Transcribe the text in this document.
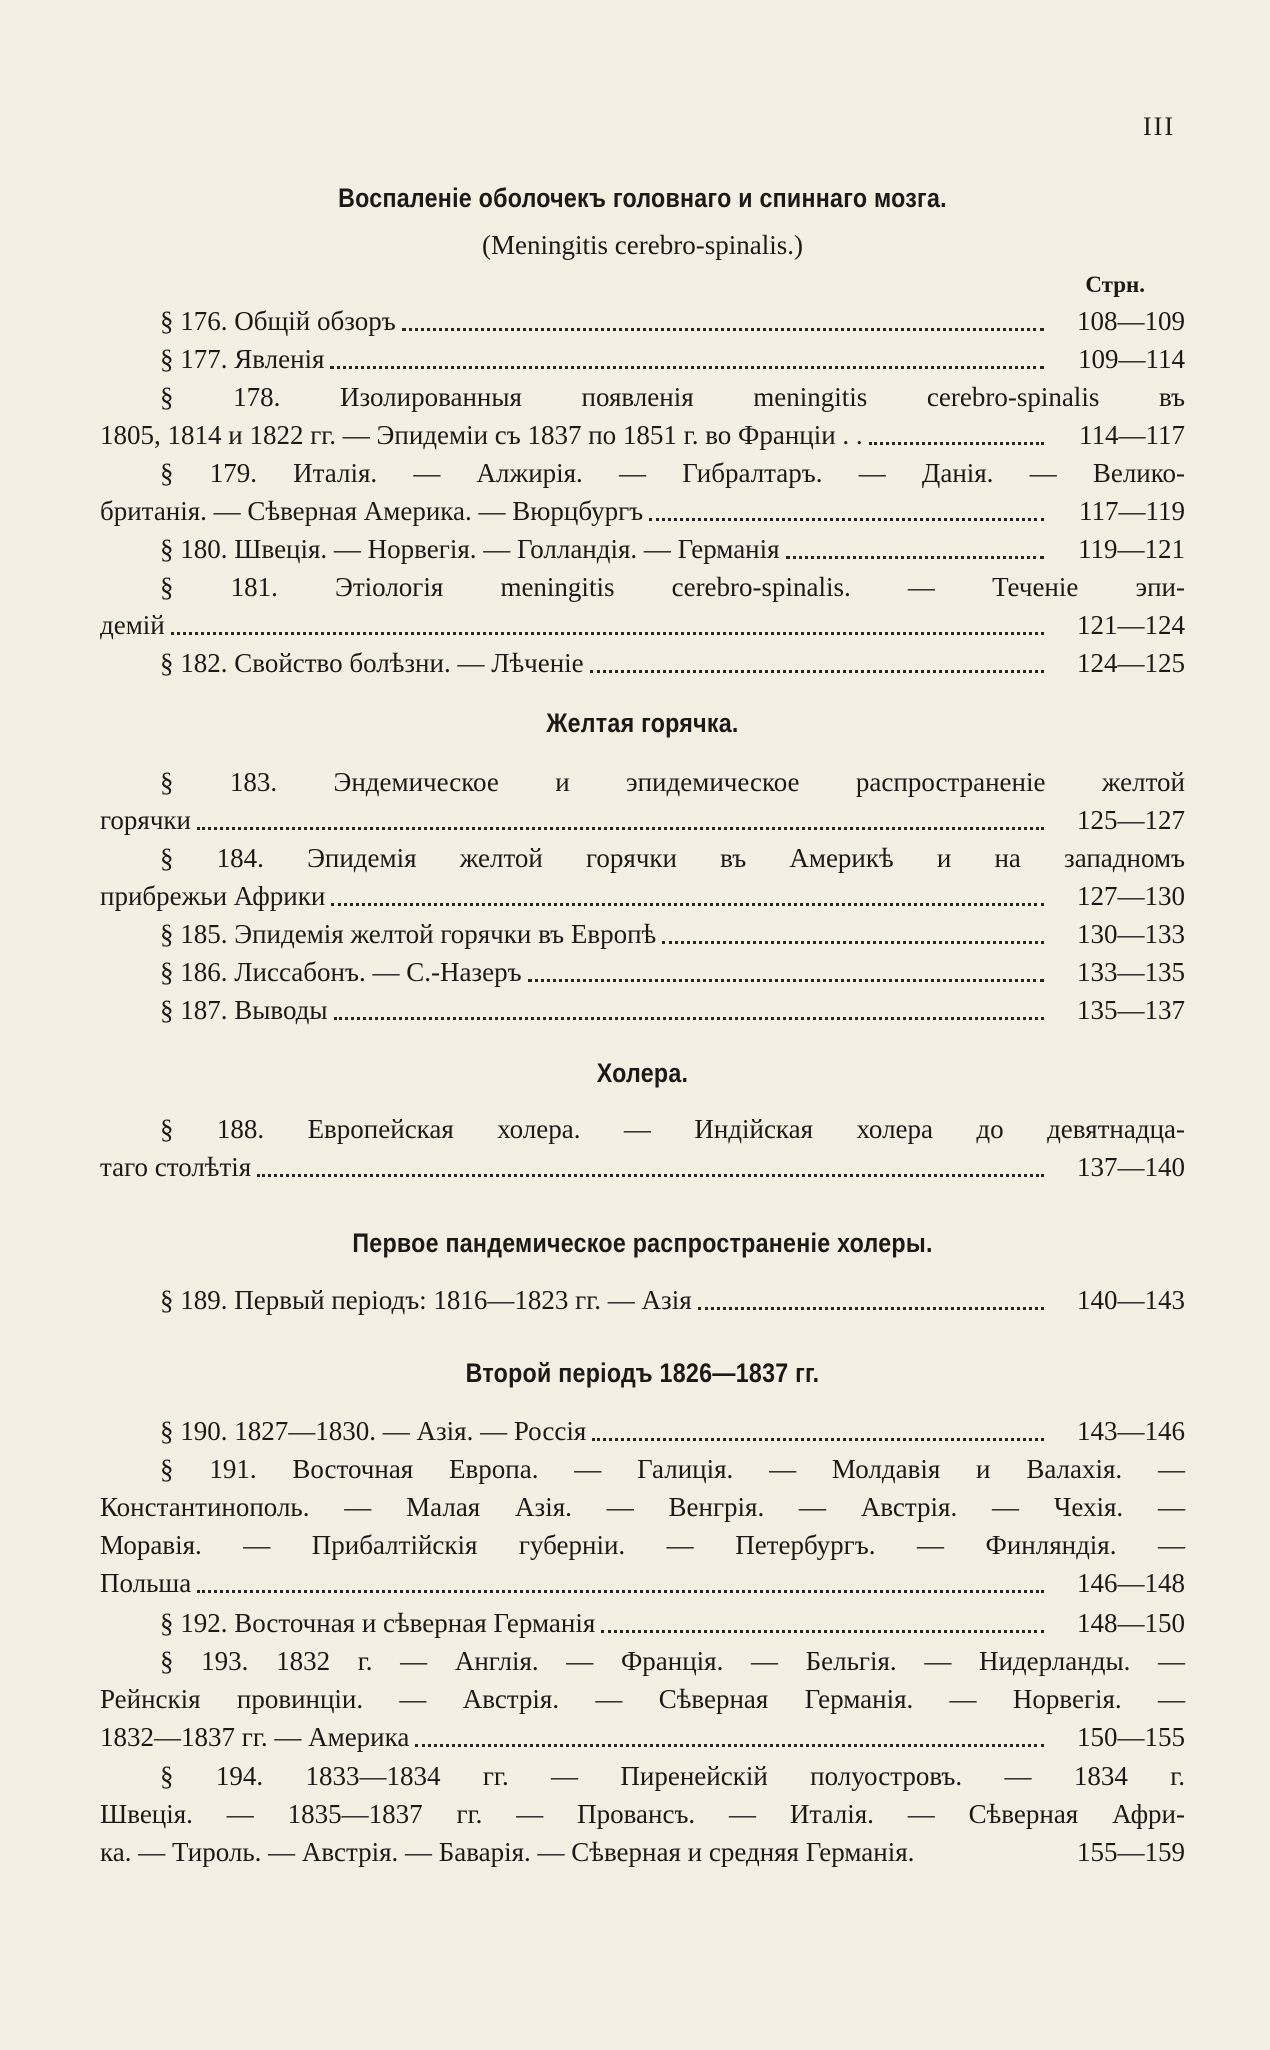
III
Воспаленіе оболочекъ головнаго и спиннаго мозга.
(Meningitis cerebro-spinalis.)
Стрн.
§ 176. Общій обзоръ	108—109
§ 177. Явленія	109—114
§ 178. Изолированныя появленія meningitis cerebro-spinalis въ
1805, 1814 и 1822 гг. — Эпидеміи съ 1837 по 1851 г. во Франціи . .	114—117
§ 179. Италія. — Алжирія. — Гибралтаръ. — Данія. — Велико-
британія. — Сѣверная Америка. — Вюрцбургъ	117—119
§ 180. Швеція. — Норвегія. — Голландія. — Германія	119—121
§ 181. Этіологія meningitis cerebro-spinalis. — Теченіе эпи-
демій	121—124
§ 182. Свойство болѣзни. — Лѣченіе	124—125
Желтая горячка.
§ 183. Эндемическое и эпидемическое распространеніе желтой
горячки	125—127
§ 184. Эпидемія желтой горячки въ Америкѣ и на западномъ
прибрежьи Африки	127—130
§ 185. Эпидемія желтой горячки въ Европѣ	130—133
§ 186. Лиссабонъ. — С.-Назеръ	133—135
§ 187. Выводы	135—137
Холера.
§ 188. Европейская холера. — Индійская холера до девятнадца-
таго столѣтія	137—140
Первое пандемическое распространеніе холеры.
§ 189. Первый періодъ: 1816—1823 гг. — Азія	140—143
Второй періодъ 1826—1837 гг.
§ 190. 1827—1830. — Азія. — Россія	143—146
§ 191. Восточная Европа. — Галиція. — Молдавія и Валахія. —
Константинополь. — Малая Азія. — Венгрія. — Австрія. — Чехія. —
Моравія. — Прибалтійскія губерніи. — Петербургъ. — Финляндія. —
Польша	146—148
§ 192. Восточная и сѣверная Германія	148—150
§ 193. 1832 г. — Англія. — Франція. — Бельгія. — Нидерланды. —
Рейнскія провинціи. — Австрія. — Сѣверная Германія. — Норвегія. —
1832—1837 гг. — Америка	150—155
§ 194. 1833—1834 гг. — Пиренейскій полуостровъ. — 1834 г.
Швеція. — 1835—1837 гг. — Провансъ. — Италія. — Сѣверная Афри-
ка. — Тироль. — Австрія. — Баварія. — Сѣверная и средняя Германія.	155—159
